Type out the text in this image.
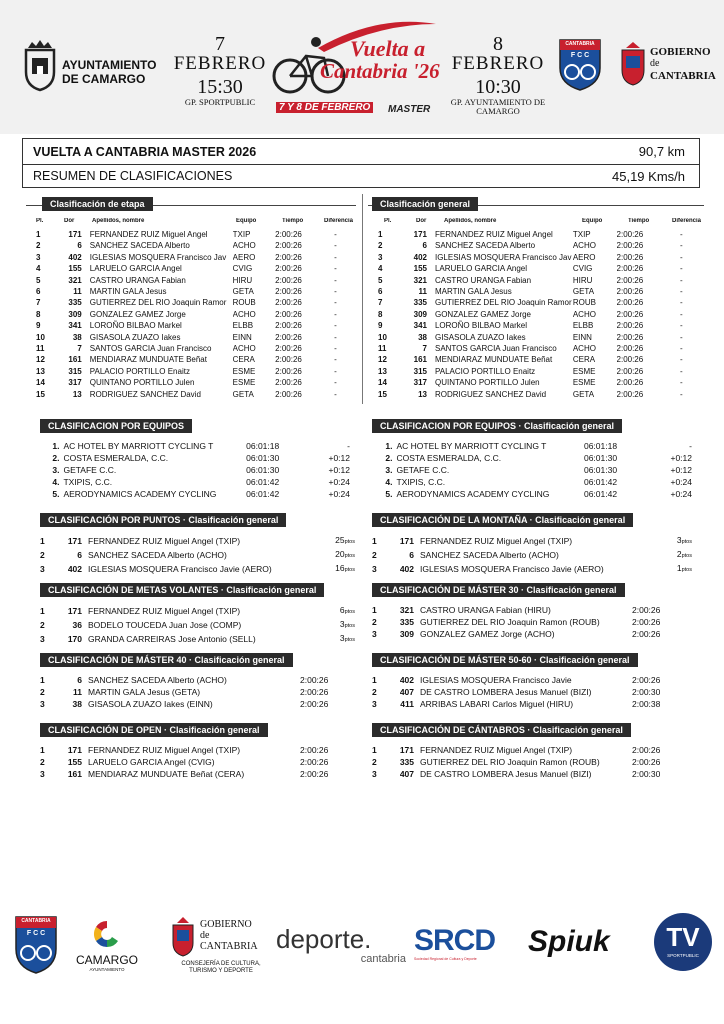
AYUNTAMIENTO
DE CAMARGO
7
FEBRERO
15:30
GP. SPORTPUBLIC
Vuelta a
Cantabria '26
7 Y 8 DE FEBRERO	MASTER
8
FEBRERO
10:30
GP. AYUNTAMIENTO DE CAMARGO
CANTABRIA
F C C	GOBIERNO
de
CANTABRIA
VUELTA A CANTABRIA MASTER 2026	90,7 km
RESUMEN DE CLASIFICACIONES	45,19 Kms/h
Clasificación de etapa
Pl.	Dor	Apellidos, nombre	Equipo	Tiempo	Diferencia
1	171	FERNANDEZ RUIZ Miguel Angel	TXIP	2:00:26	-
2	6	SANCHEZ SACEDA Alberto	ACHO	2:00:26	-
3	402	IGLESIAS MOSQUERA Francisco Jav	AERO	2:00:26	-
4	155	LARUELO GARCIA Angel	CVIG	2:00:26	-
5	321	CASTRO URANGA Fabian	HIRU	2:00:26	-
6	11	MARTIN GALA Jesus	GETA	2:00:26	-
7	335	GUTIERREZ DEL RIO Joaquin Ramor	ROUB	2:00:26	-
8	309	GONZALEZ GAMEZ Jorge	ACHO	2:00:26	-
9	341	LOROÑO BILBAO Markel	ELBB	2:00:26	-
10	38	GISASOLA ZUAZO Iakes	EINN	2:00:26	-
11	7	SANTOS GARCIA Juan Francisco	ACHO	2:00:26	-
12	161	MENDIARAZ MUNDUATE Beñat	CERA	2:00:26	-
13	315	PALACIO PORTILLO Enaitz	ESME	2:00:26	-
14	317	QUINTANO PORTILLO Julen	ESME	2:00:26	-
15	13	RODRIGUEZ SANCHEZ David	GETA	2:00:26	-
Clasificación general
Pl.	Dor	Apellidos, nombre	Equipo	Tiempo	Diferencia
1	171	FERNANDEZ RUIZ Miguel Angel	TXIP	2:00:26	-
2	6	SANCHEZ SACEDA Alberto	ACHO	2:00:26	-
3	402	IGLESIAS MOSQUERA Francisco Jav	AERO	2:00:26	-
4	155	LARUELO GARCIA Angel	CVIG	2:00:26	-
5	321	CASTRO URANGA Fabian	HIRU	2:00:26	-
6	11	MARTIN GALA Jesus	GETA	2:00:26	-
7	335	GUTIERREZ DEL RIO Joaquin Ramor	ROUB	2:00:26	-
8	309	GONZALEZ GAMEZ Jorge	ACHO	2:00:26	-
9	341	LOROÑO BILBAO Markel	ELBB	2:00:26	-
10	38	GISASOLA ZUAZO Iakes	EINN	2:00:26	-
11	7	SANTOS GARCIA Juan Francisco	ACHO	2:00:26	-
12	161	MENDIARAZ MUNDUATE Beñat	CERA	2:00:26	-
13	315	PALACIO PORTILLO Enaitz	ESME	2:00:26	-
14	317	QUINTANO PORTILLO Julen	ESME	2:00:26	-
15	13	RODRIGUEZ SANCHEZ David	GETA	2:00:26	-
CLASIFICACION POR EQUIPOS
1.	AC HOTEL BY MARRIOTT CYCLING T	06:01:18	-
2.	COSTA ESMERALDA, C.C.	06:01:30	+0:12
3.	GETAFE C.C.	06:01:30	+0:12
4.	TXIPIS, C.C.	06:01:42	+0:24
5.	AERODYNAMICS ACADEMY CYCLING	06:01:42	+0:24
CLASIFICACION POR EQUIPOS · Clasificación general
1.	AC HOTEL BY MARRIOTT CYCLING T	06:01:18	-
2.	COSTA ESMERALDA, C.C.	06:01:30	+0:12
3.	GETAFE C.C.	06:01:30	+0:12
4.	TXIPIS, C.C.	06:01:42	+0:24
5.	AERODYNAMICS ACADEMY CYCLING	06:01:42	+0:24
CLASIFICACIÓN POR PUNTOS · Clasificación general
1	171	FERNANDEZ RUIZ Miguel Angel (TXIP)	25ptos
2	6	SANCHEZ SACEDA Alberto (ACHO)	20ptos
3	402	IGLESIAS MOSQUERA Francisco Javie (AERO)	16ptos
CLASIFICACIÓN DE LA MONTAÑA · Clasificación general
1	171	FERNANDEZ RUIZ Miguel Angel (TXIP)	3ptos
2	6	SANCHEZ SACEDA Alberto (ACHO)	2ptos
3	402	IGLESIAS MOSQUERA Francisco Javie (AERO)	1ptos
CLASIFICACIÓN DE METAS VOLANTES · Clasificación general
1	171	FERNANDEZ RUIZ Miguel Angel (TXIP)	6ptos
2	36	BODELO TOUCEDA Juan Jose (COMP)	3ptos
3	170	GRANDA CARREIRAS Jose Antonio (SELL)	3ptos
CLASIFICACIÓN DE MÁSTER 30 · Clasificación general
1	321	CASTRO URANGA Fabian (HIRU)	2:00:26
2	335	GUTIERREZ DEL RIO Joaquin Ramon (ROUB)	2:00:26
3	309	GONZALEZ GAMEZ Jorge (ACHO)	2:00:26
CLASIFICACIÓN DE MÁSTER 40 · Clasificación general
1	6	SANCHEZ SACEDA Alberto (ACHO)	2:00:26
2	11	MARTIN GALA Jesus (GETA)	2:00:26
3	38	GISASOLA ZUAZO Iakes (EINN)	2:00:26
CLASIFICACIÓN DE MÁSTER 50-60 · Clasificación general
1	402	IGLESIAS MOSQUERA Francisco Javie	2:00:26
2	407	DE CASTRO LOMBERA Jesus Manuel (BIZI)	2:00:30
3	411	ARRIBAS LABARI Carlos Miguel (HIRU)	2:00:38
CLASIFICACIÓN DE OPEN · Clasificación general
1	171	FERNANDEZ RUIZ Miguel Angel (TXIP)	2:00:26
2	155	LARUELO GARCIA Angel (CVIG)	2:00:26
3	161	MENDIARAZ MUNDUATE Beñat (CERA)	2:00:26
CLASIFICACIÓN DE CÁNTABROS · Clasificación general
1	171	FERNANDEZ RUIZ Miguel Angel (TXIP)	2:00:26
2	335	GUTIERREZ DEL RIO Joaquin Ramon (ROUB)	2:00:26
3	407	DE CASTRO LOMBERA Jesus Manuel (BIZI)	2:00:30
CANTABRIA
F C C
CAMARGO
AYUNTAMIENTO
GOBIERNO
de
CANTABRIA
CONSEJERÍA DE CULTURA,
TURISMO Y DEPORTE
deporte.
cantabria
SRCD
Sociedad Regional de Cultura y Deporte
Spiuk	TV
SPORTPUBLIC
